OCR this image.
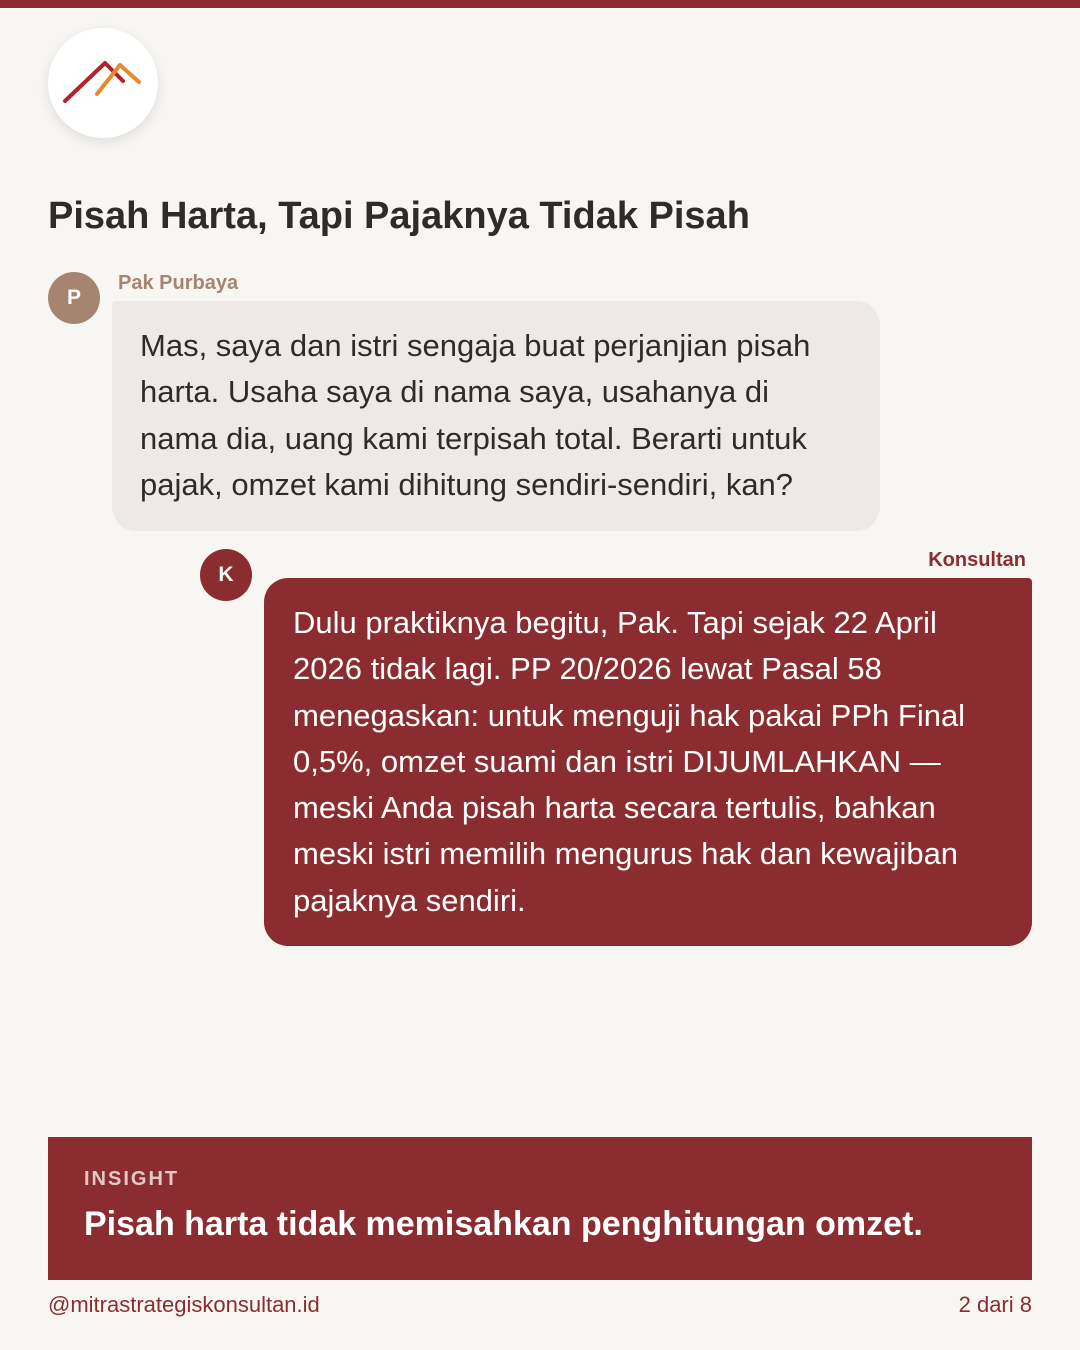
Pisah Harta, Tapi Pajaknya Tidak Pisah
P
Pak Purbaya
Mas, saya dan istri sengaja buat perjanjian pisah harta. Usaha saya di nama saya, usahanya di nama dia, uang kami terpisah total. Berarti untuk pajak, omzet kami dihitung sendiri-sendiri, kan?
K
Konsultan
Dulu praktiknya begitu, Pak. Tapi sejak 22 April 2026 tidak lagi. PP 20/2026 lewat Pasal 58 menegaskan: untuk menguji hak pakai PPh Final 0,5%, omzet suami dan istri DIJUMLAHKAN — meski Anda pisah harta secara tertulis, bahkan meski istri memilih mengurus hak dan kewajiban pajaknya sendiri.
INSIGHT
Pisah harta tidak memisahkan penghitungan omzet.
@mitrastrategiskonsultan.id	2 dari 8
